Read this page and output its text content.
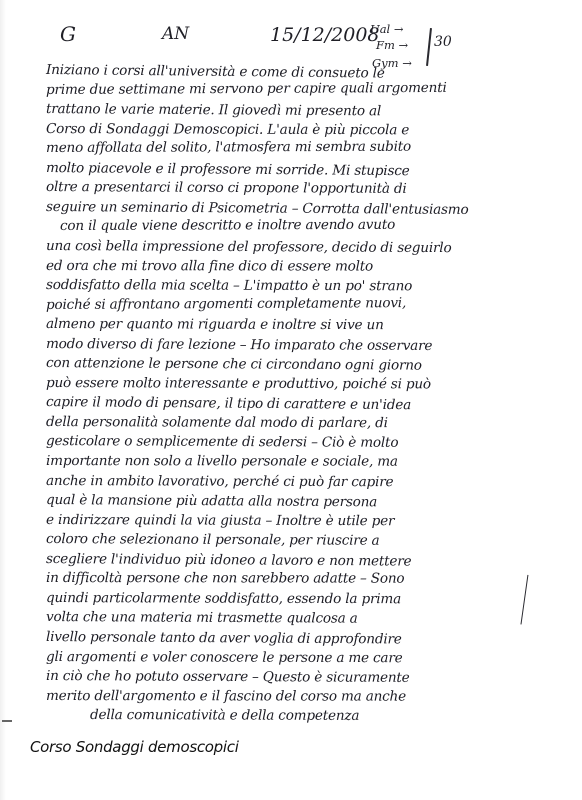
G	AN	15/12/2008
Ual →
Fm →
Gym →
30
Iniziano i corsi all'università e come di consueto le
prime due settimane mi servono per capire quali argomenti
trattano le varie materie. Il giovedì mi presento al
Corso di Sondaggi Demoscopici. L'aula è più piccola e
meno affollata del solito, l'atmosfera mi sembra subito
molto piacevole e il professore mi sorride. Mi stupisce
oltre a presentarci il corso ci propone l'opportunità di
seguire un seminario di Psicometria – Corrotta dall'entusiasmo
con il quale viene descritto e inoltre avendo avuto
una così bella impressione del professore, decido di seguirlo
ed ora che mi trovo alla fine dico di essere molto
soddisfatto della mia scelta – L'impatto è un po' strano
poiché si affrontano argomenti completamente nuovi,
almeno per quanto mi riguarda e inoltre si vive un
modo diverso di fare lezione – Ho imparato che osservare
con attenzione le persone che ci circondano ogni giorno
può essere molto interessante e produttivo, poiché si può
capire il modo di pensare, il tipo di carattere e un'idea
della personalità solamente dal modo di parlare, di
gesticolare o semplicemente di sedersi – Ciò è molto
importante non solo a livello personale e sociale, ma
anche in ambito lavorativo, perché ci può far capire
qual è la mansione più adatta alla nostra persona
e indirizzare quindi la via giusta – Inoltre è utile per
coloro che selezionano il personale, per riuscire a
scegliere l'individuo più idoneo a lavoro e non mettere
in difficoltà persone che non sarebbero adatte – Sono
quindi particolarmente soddisfatto, essendo la prima
volta che una materia mi trasmette qualcosa a
livello personale tanto da aver voglia di approfondire
gli argomenti e voler conoscere le persone a me care
in ciò che ho potuto osservare – Questo è sicuramente
merito dell'argomento e il fascino del corso ma anche
della comunicatività e della competenza
Corso Sondaggi demoscopici
